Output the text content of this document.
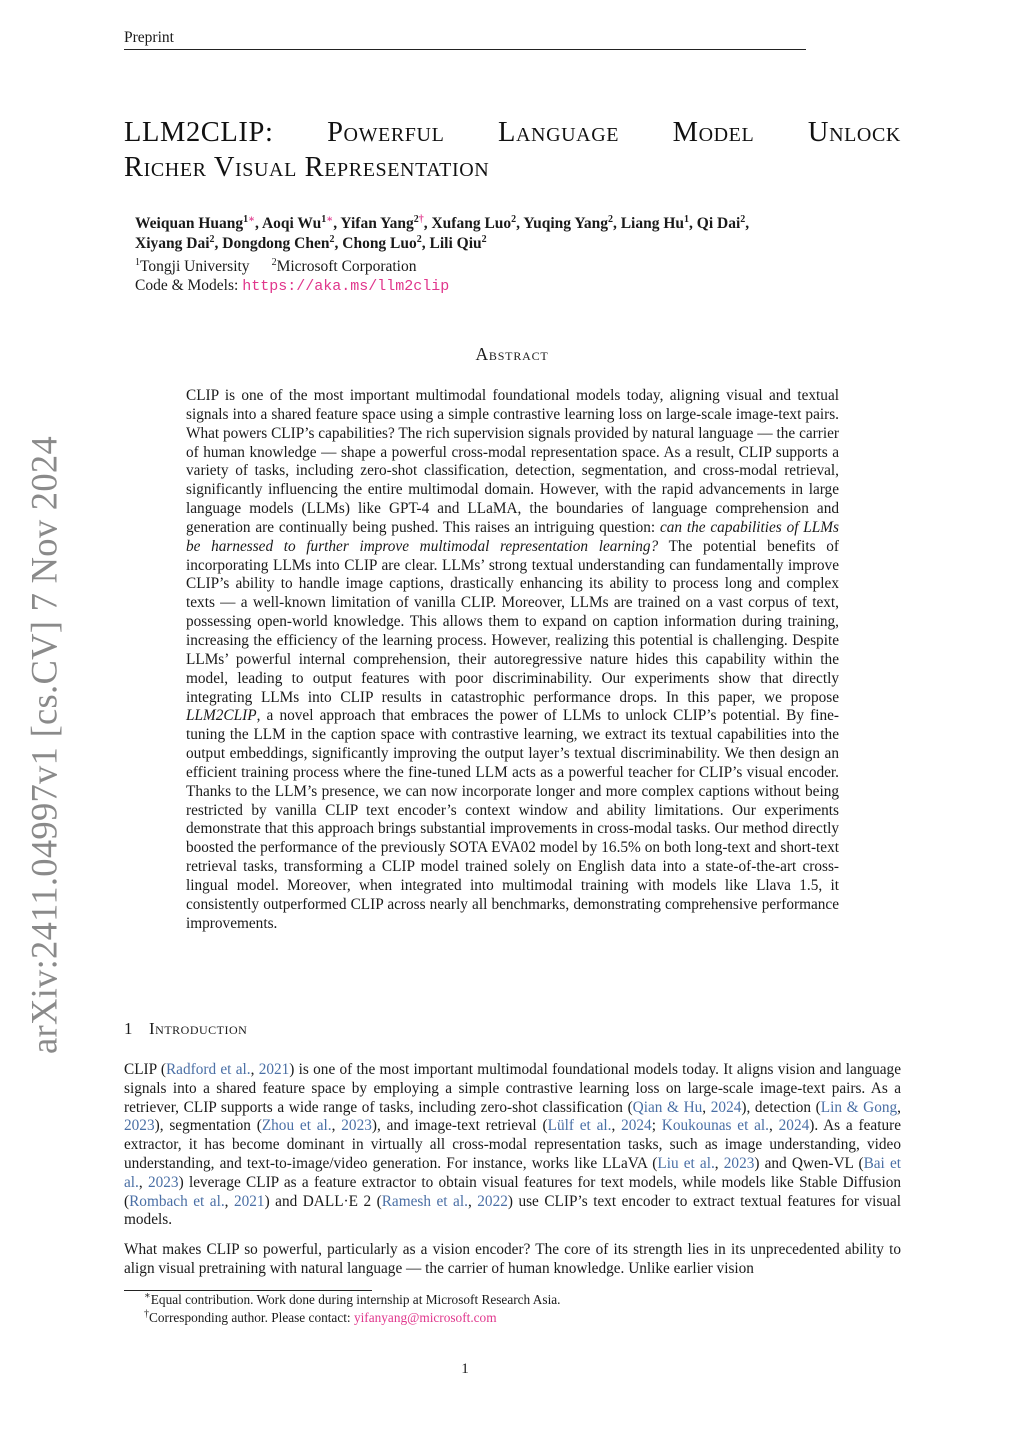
Preprint
arXiv:2411.04997v1 [cs.CV] 7 Nov 2024
LLM2CLIP: Powerful Language Model Unlock
Richer Visual Representation
Weiquan Huang$^{1∗}$, Aoqi $Wu^{1∗}$, Yifan Yang$^{2\dagger}$, Xufang Luo$^2$, Yuqing Yang$^2$, Liang Hu$^1$, Qi Dai$^2$,
Xiyang Dai$^2$, Dongdong Chen$^2$, Chong Luo$^2$, Lili Qiu$^2$
$^1$Tongji University $^2$Microsoft Corporation
Code & Models: https://aka.ms/llm2clip
Abstract
CLIP is one of the most important multimodal foundational models today, aligning visual and textual signals into a shared feature space using a simple contrastive learning loss on large-scale image-text pairs. What powers CLIP’s capabilities? The rich supervision signals provided by natural language — the carrier of human knowledge — shape a powerful cross-modal representation space. As a result, CLIP supports a variety of tasks, including zero-shot classification, detection, segmentation, and cross-modal retrieval, significantly influencing the entire multimodal domain. However, with the rapid advancements in large language models (LLMs) like GPT-4 and LLaMA, the boundaries of language comprehension and generation are continually being pushed. This raises an intriguing question: can the capabilities of LLMs be harnessed to further improve multimodal representation learning? The potential benefits of incorporating LLMs into CLIP are clear. LLMs’ strong textual understanding can fundamentally improve CLIP’s ability to handle image captions, drastically enhancing its ability to process long and complex texts — a well-known limitation of vanilla CLIP. Moreover, LLMs are trained on a vast corpus of text, possessing open-world knowledge. This allows them to expand on caption information during training, increasing the efficiency of the learning process. However, realizing this potential is challenging. Despite LLMs’ powerful internal comprehension, their autoregressive nature hides this capability within the model, leading to output features with poor discriminability. Our experiments show that directly integrating LLMs into CLIP results in catastrophic performance drops. In this paper, we propose LLM2CLIP, a novel approach that embraces the power of LLMs to unlock CLIP’s potential. By fine-tuning the LLM in the caption space with contrastive learning, we extract its textual capabilities into the output embeddings, significantly improving the output layer’s textual discriminability. We then design an efficient training process where the fine-tuned LLM acts as a powerful teacher for CLIP’s visual encoder. Thanks to the LLM’s presence, we can now incorporate longer and more complex captions without being restricted by vanilla CLIP text encoder’s context window and ability limitations. Our experiments demonstrate that this approach brings substantial improvements in cross-modal tasks. Our method directly boosted the performance of the previously SOTA EVA02 model by 16.5% on both long-text and short-text retrieval tasks, transforming a CLIP model trained solely on English data into a state-of-the-art cross-lingual model. Moreover, when integrated into multimodal training with models like Llava 1.5, it consistently outperformed CLIP across nearly all benchmarks, demonstrating comprehensive performance improvements.
1 Introduction
CLIP (Radford et al., 2021) is one of the most important multimodal foundational models today. It aligns vision and language signals into a shared feature space by employing a simple contrastive learning loss on large-scale image-text pairs. As a retriever, CLIP supports a wide range of tasks, including zero-shot classification (Qian & Hu, 2024), detection (Lin & Gong, 2023), segmentation (Zhou et al., 2023), and image-text retrieval (Lülf et al., 2024; Koukounas et al., 2024). As a feature extractor, it has become dominant in virtually all cross-modal representation tasks, such as image understanding, video understanding, and text-to-image/video generation. For instance, works like LLaVA (Liu et al., 2023) and Qwen-VL (Bai et al., 2023) leverage CLIP as a feature extractor to obtain visual features for text models, while models like Stable Diffusion (Rombach et al., 2021) and DALL·E 2 (Ramesh et al., 2022) use CLIP’s text encoder to extract textual features for visual models.
What makes CLIP so powerful, particularly as a vision encoder? The core of its strength lies in its unprecedented ability to align visual pretraining with natural language — the carrier of human knowledge. Unlike earlier vision
∗Equal contribution. Work done during internship at Microsoft Research Asia.
†Corresponding author. Please contact: yifanyang@microsoft.com
1
